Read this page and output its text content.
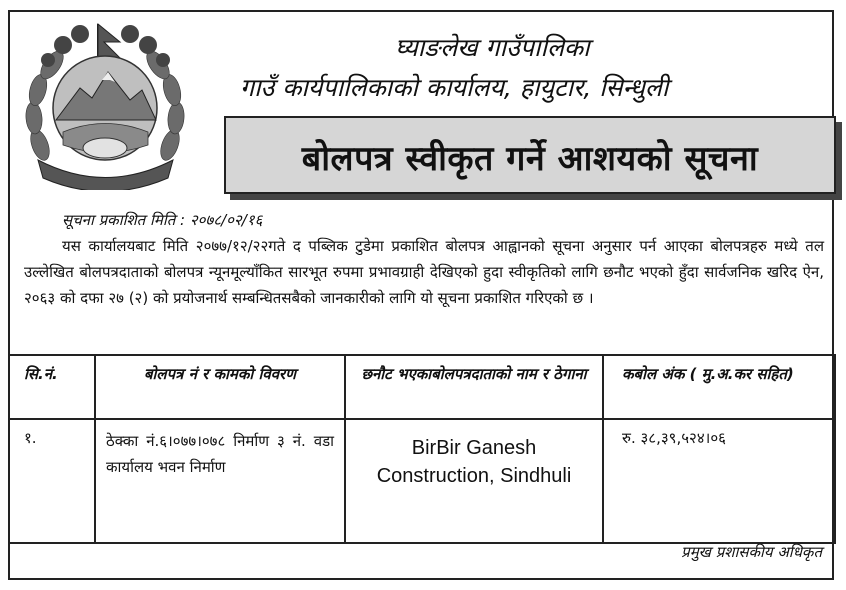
घ्याङलेख गाउँपालिका
गाउँ कार्यपालिकाको कार्यालय, हायुटार, सिन्धुली
बोलपत्र स्वीकृत गर्ने आशयको सूचना
सूचना प्रकाशित मिति : २०७८/०२/१६
यस कार्यालयबाट मिति २०७७/१२/२२गते द पब्लिक टुडेमा प्रकाशित बोलपत्र आह्वानको सूचना अनुसार पर्न आएका बोलपत्रहरु मध्ये तल उल्लेखित बोलपत्रदाताको बोलपत्र न्यूनमूल्याँकित सारभूत रुपमा प्रभावग्राही देखिएको हुदा स्वीकृतिको लागि छनौट भएको हुँदा सार्वजनिक खरिद ऐन, २०६३ को दफा २७ (२) को प्रयोजनार्थ सम्बन्धितसबैको जानकारीको लागि यो सूचना प्रकाशित गरिएको छ ।
सि.नं.	बोलपत्र नं र कामको विवरण	छनौट भएकाबोलपत्रदाताको नाम र ठेगाना	कबोल अंक ( मु.अ.कर सहित)
१.	ठेक्का नं.६।०७७।०७८ निर्माण ३ नं. वडा कार्यालय भवन निर्माण	BirBir Ganesh Construction, Sindhuli	रु. ३८,३९,५२४।०६
प्रमुख प्रशासकीय अधिकृत
